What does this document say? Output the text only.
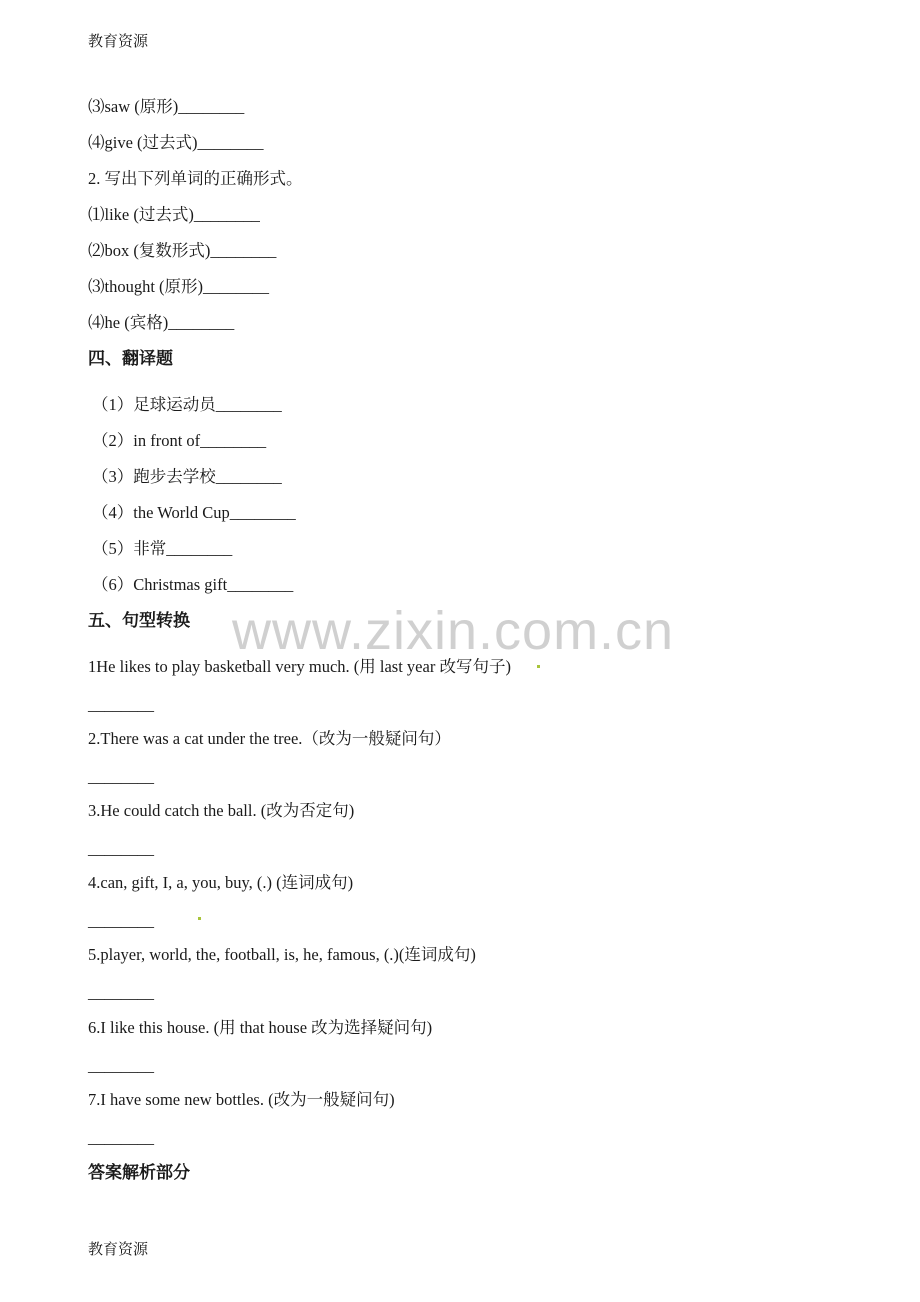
www.zixin.com.cn
教育资源
⑶saw (原形)________
⑷give (过去式)________
2. 写出下列单词的正确形式。
⑴like (过去式)________
⑵box (复数形式)________
⑶thought (原形)________
⑷he (宾格)________
四、翻译题
（1）足球运动员________
（2）in front of________
（3）跑步去学校________
（4）the World Cup________
（5）非常________
（6）Christmas gift________
五、句型转换
1He likes to play basketball very much. (用 last year 改写句子)
________
2.There was a cat under the tree.（改为一般疑问句）
________
3.He could catch the ball. (改为否定句)
________
4.can, gift, I, a, you, buy, (.) (连词成句)
________
5.player, world, the, football, is, he, famous, (.)(连词成句)
________
6.I like this house. (用 that house 改为选择疑问句)
________
7.I have some new bottles. (改为一般疑问句)
________
答案解析部分
教育资源
